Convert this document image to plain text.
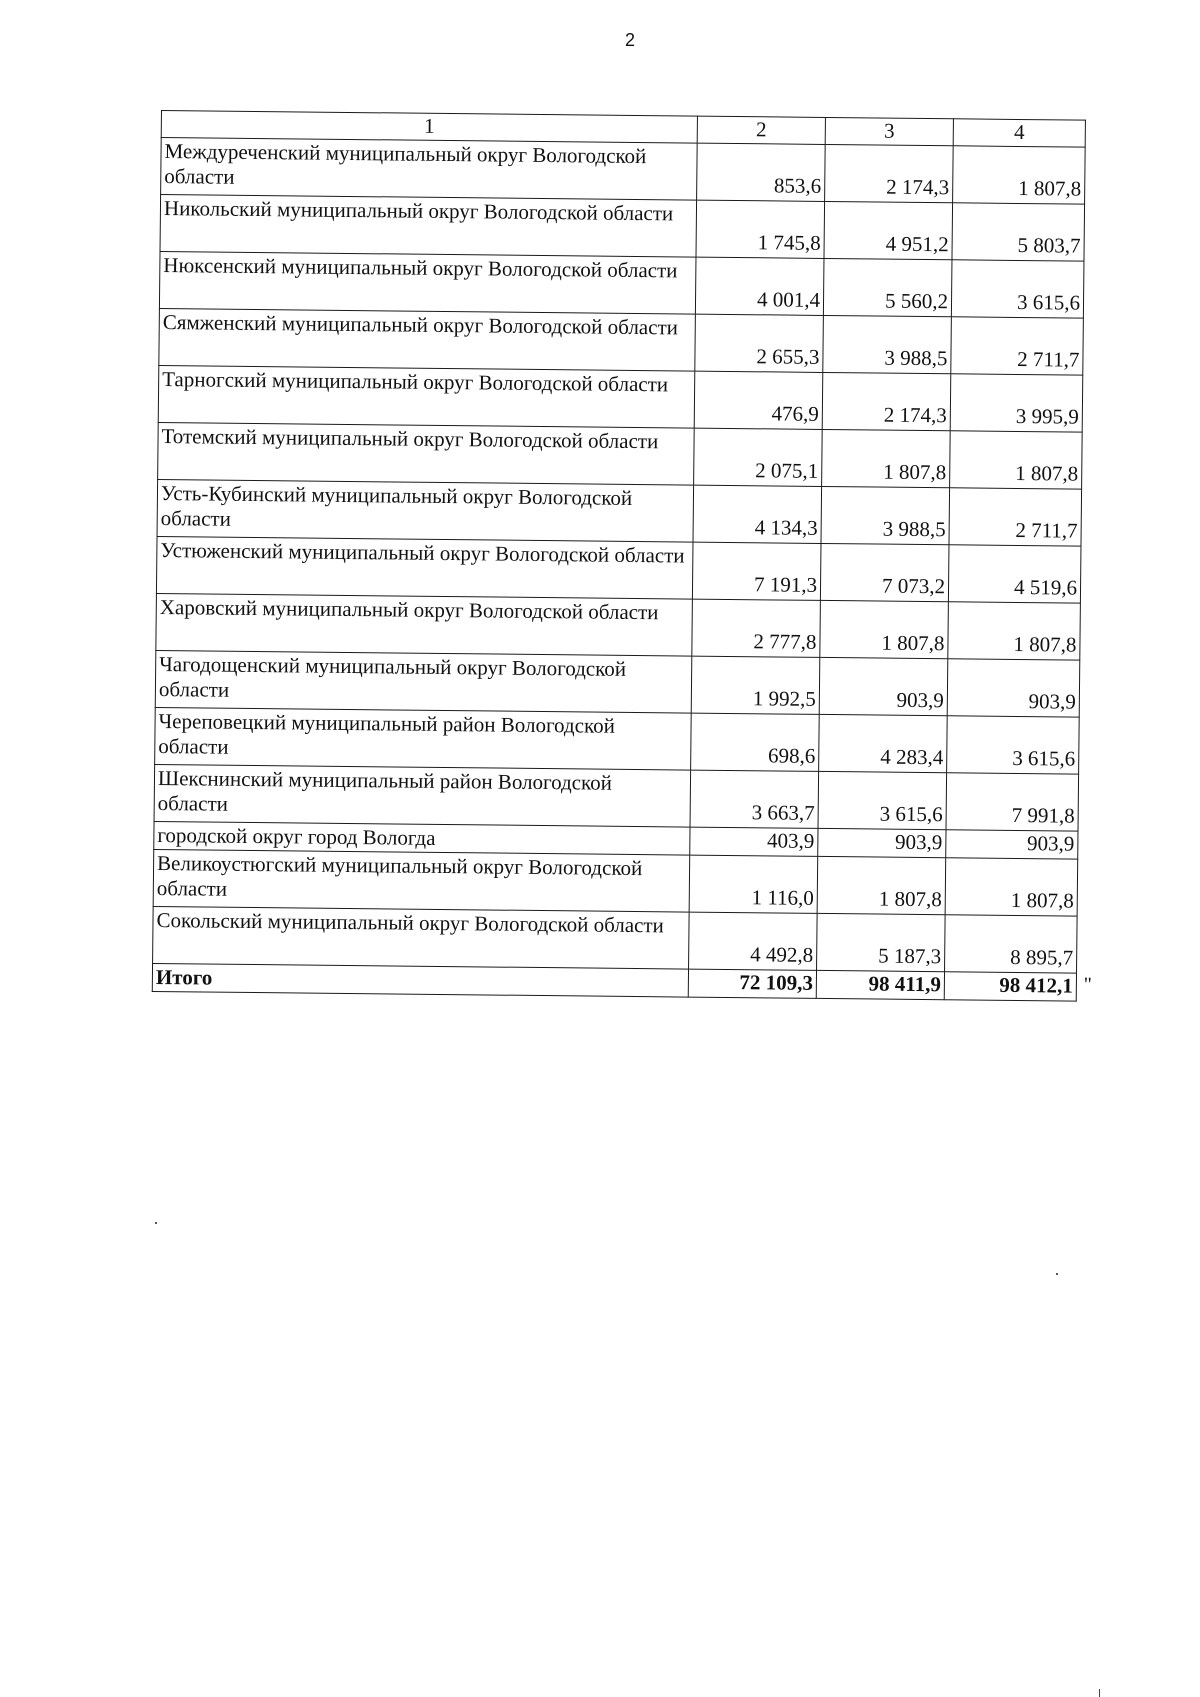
2
1	2	3	4
Междуреченский муниципальный округ Вологодской области	853,6	2 174,3	1 807,8
Никольский муниципальный округ Вологодской области	1 745,8	4 951,2	5 803,7
Нюксенский муниципальный округ Вологодской области	4 001,4	5 560,2	3 615,6
Сямженский муниципальный округ Вологодской области	2 655,3	3 988,5	2 711,7
Тарногский муниципальный округ Вологодской области	476,9	2 174,3	3 995,9
Тотемский муниципальный округ Вологодской области	2 075,1	1 807,8	1 807,8
Усть-Кубинский муниципальный округ Вологодской области	4 134,3	3 988,5	2 711,7
Устюженский муниципальный округ Вологодской области	7 191,3	7 073,2	4 519,6
Харовский муниципальный округ Вологодской области	2 777,8	1 807,8	1 807,8
Чагодощенский муниципальный округ Вологодской области	1 992,5	903,9	903,9
Череповецкий муниципальный район Вологодской области	698,6	4 283,4	3 615,6
Шекснинский муниципальный район Вологодской области	3 663,7	3 615,6	7 991,8
городской округ город Вологда	403,9	903,9	903,9
Великоустюгский муниципальный округ Вологодской области	1 116,0	1 807,8	1 807,8
Сокольский муниципальный округ Вологодской области	4 492,8	5 187,3	8 895,7
Итого	72 109,3	98 411,9	98 412,1 "
